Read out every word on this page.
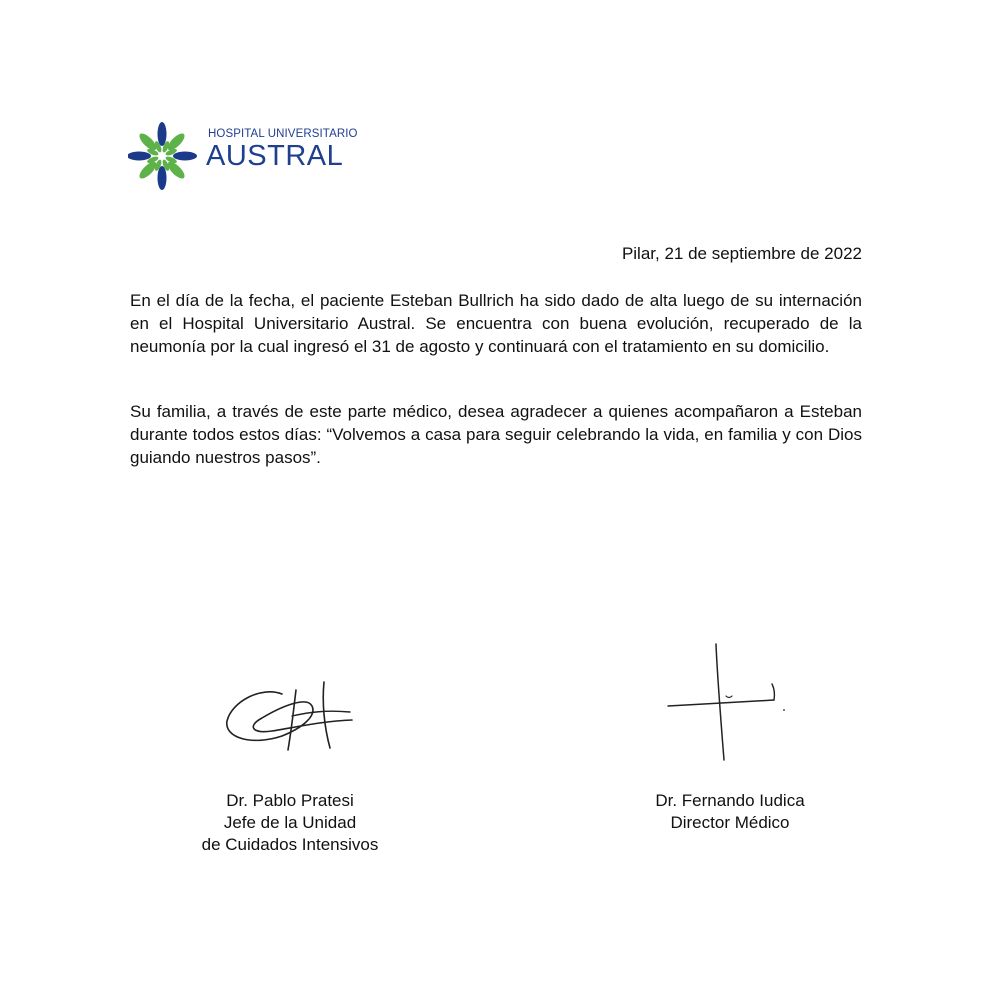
HOSPITAL UNIVERSITARIO
AUSTRAL
Pilar, 21 de septiembre de 2022

En el día de la fecha, el paciente Esteban Bullrich ha sido dado de alta luego de su internación en el Hospital Universitario Austral. Se encuentra con buena evolución, recuperado de la neumonía por la cual ingresó el 31 de agosto y continuará con el tratamiento en su domicilio.

Su familia, a través de este parte médico, desea agradecer a quienes acompañaron a Esteban durante todos estos días: “Volvemos a casa para seguir celebrando la vida, en familia y con Dios guiando nuestros pasos”.

Dr. Pablo Pratesi
Jefe de la Unidad
de Cuidados Intensivos
Dr. Fernando Iudica
Director Médico
